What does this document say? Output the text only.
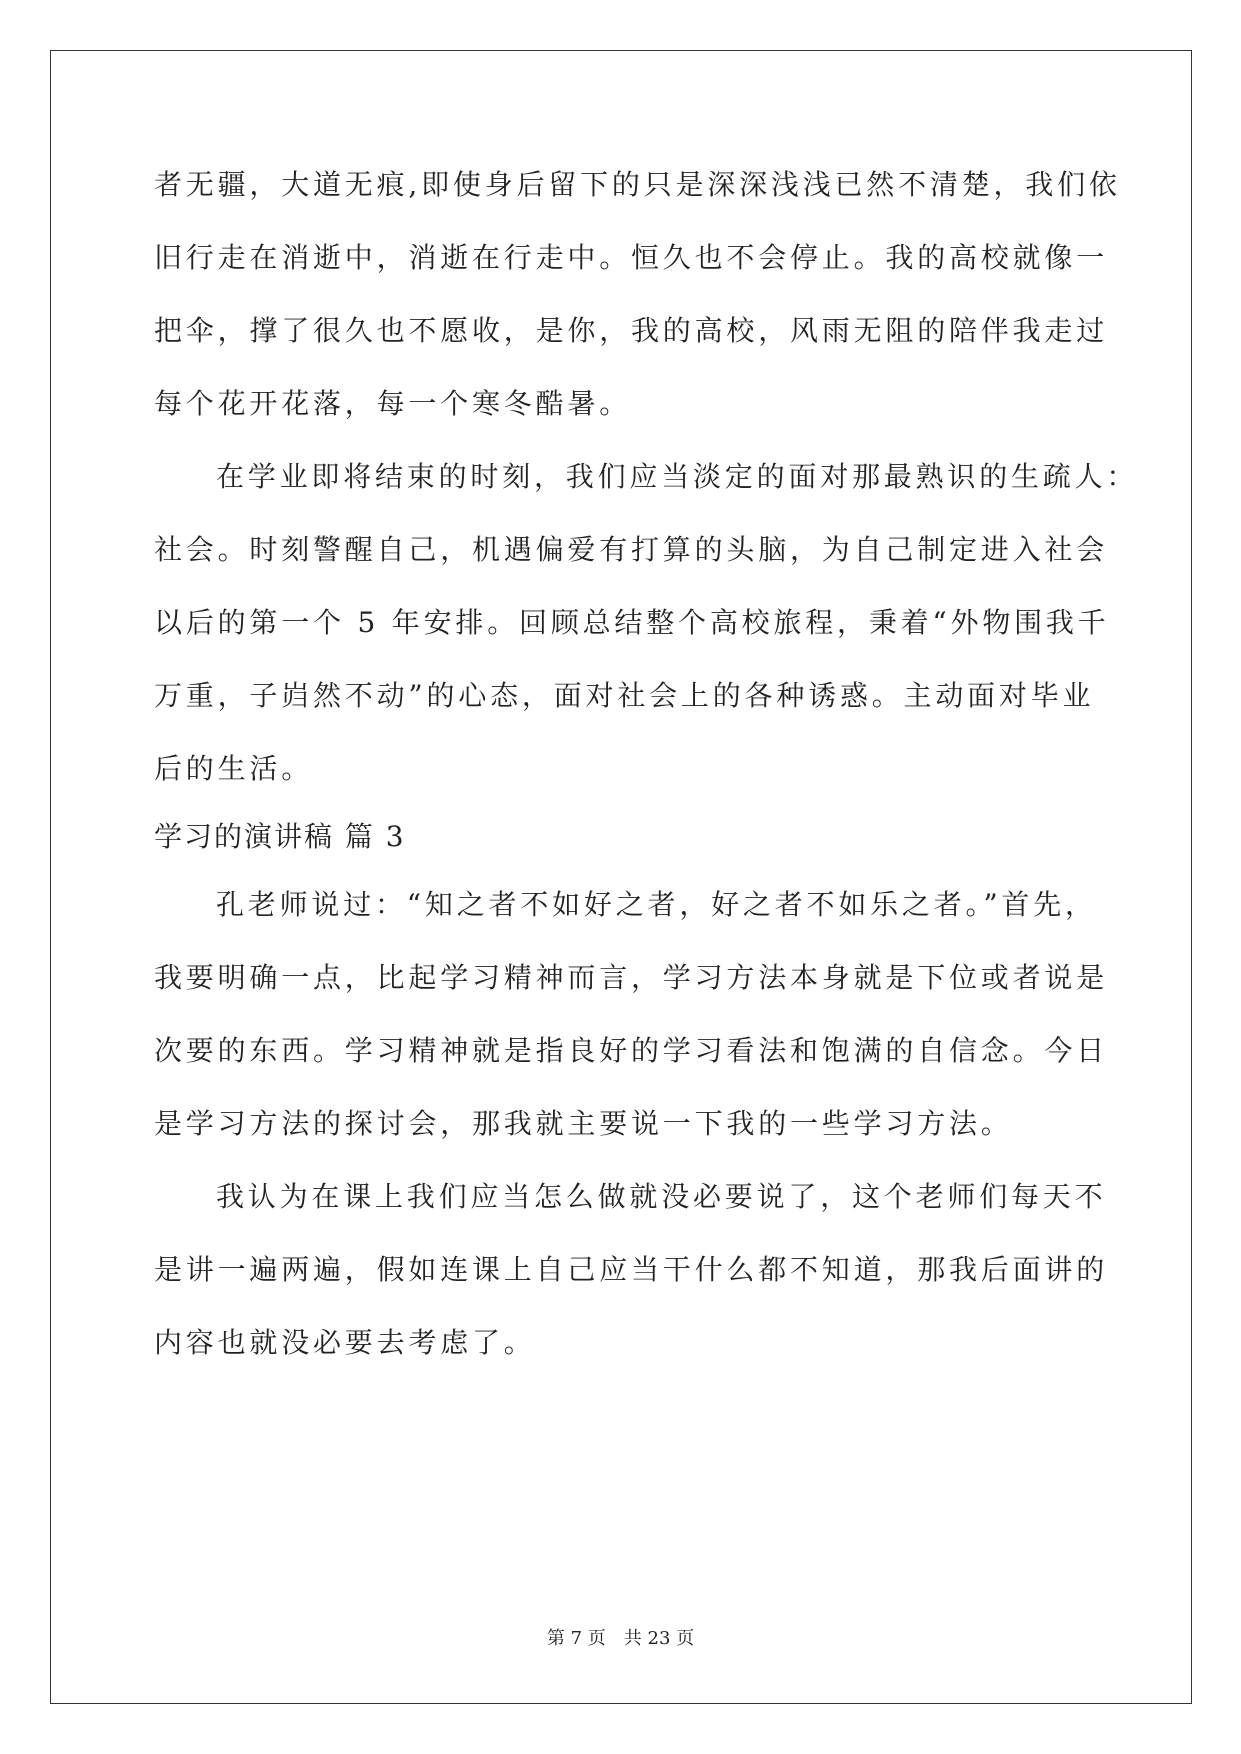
者无疆，大道无痕,即使身后留下的只是深深浅浅已然不清楚，我们依
旧行走在消逝中，消逝在行走中。恒久也不会停止。我的高校就像一
把伞，撑了很久也不愿收，是你，我的高校，风雨无阻的陪伴我走过
每个花开花落，每一个寒冬酷暑。
在学业即将结束的时刻，我们应当淡定的面对那最熟识的生疏人：
社会。时刻警醒自己，机遇偏爱有打算的头脑，为自己制定进入社会
以后的第一个 5 年安排。回顾总结整个高校旅程，秉着“外物围我千
万重，子岿然不动”的心态，面对社会上的各种诱惑。主动面对毕业
后的生活。
学习的演讲稿 篇 3
孔老师说过：“知之者不如好之者，好之者不如乐之者。”首先，
我要明确一点，比起学习精神而言，学习方法本身就是下位或者说是
次要的东西。学习精神就是指良好的学习看法和饱满的自信念。今日
是学习方法的探讨会，那我就主要说一下我的一些学习方法。
我认为在课上我们应当怎么做就没必要说了，这个老师们每天不
是讲一遍两遍，假如连课上自己应当干什么都不知道，那我后面讲的
内容也就没必要去考虑了。
第 7 页 共 23 页
